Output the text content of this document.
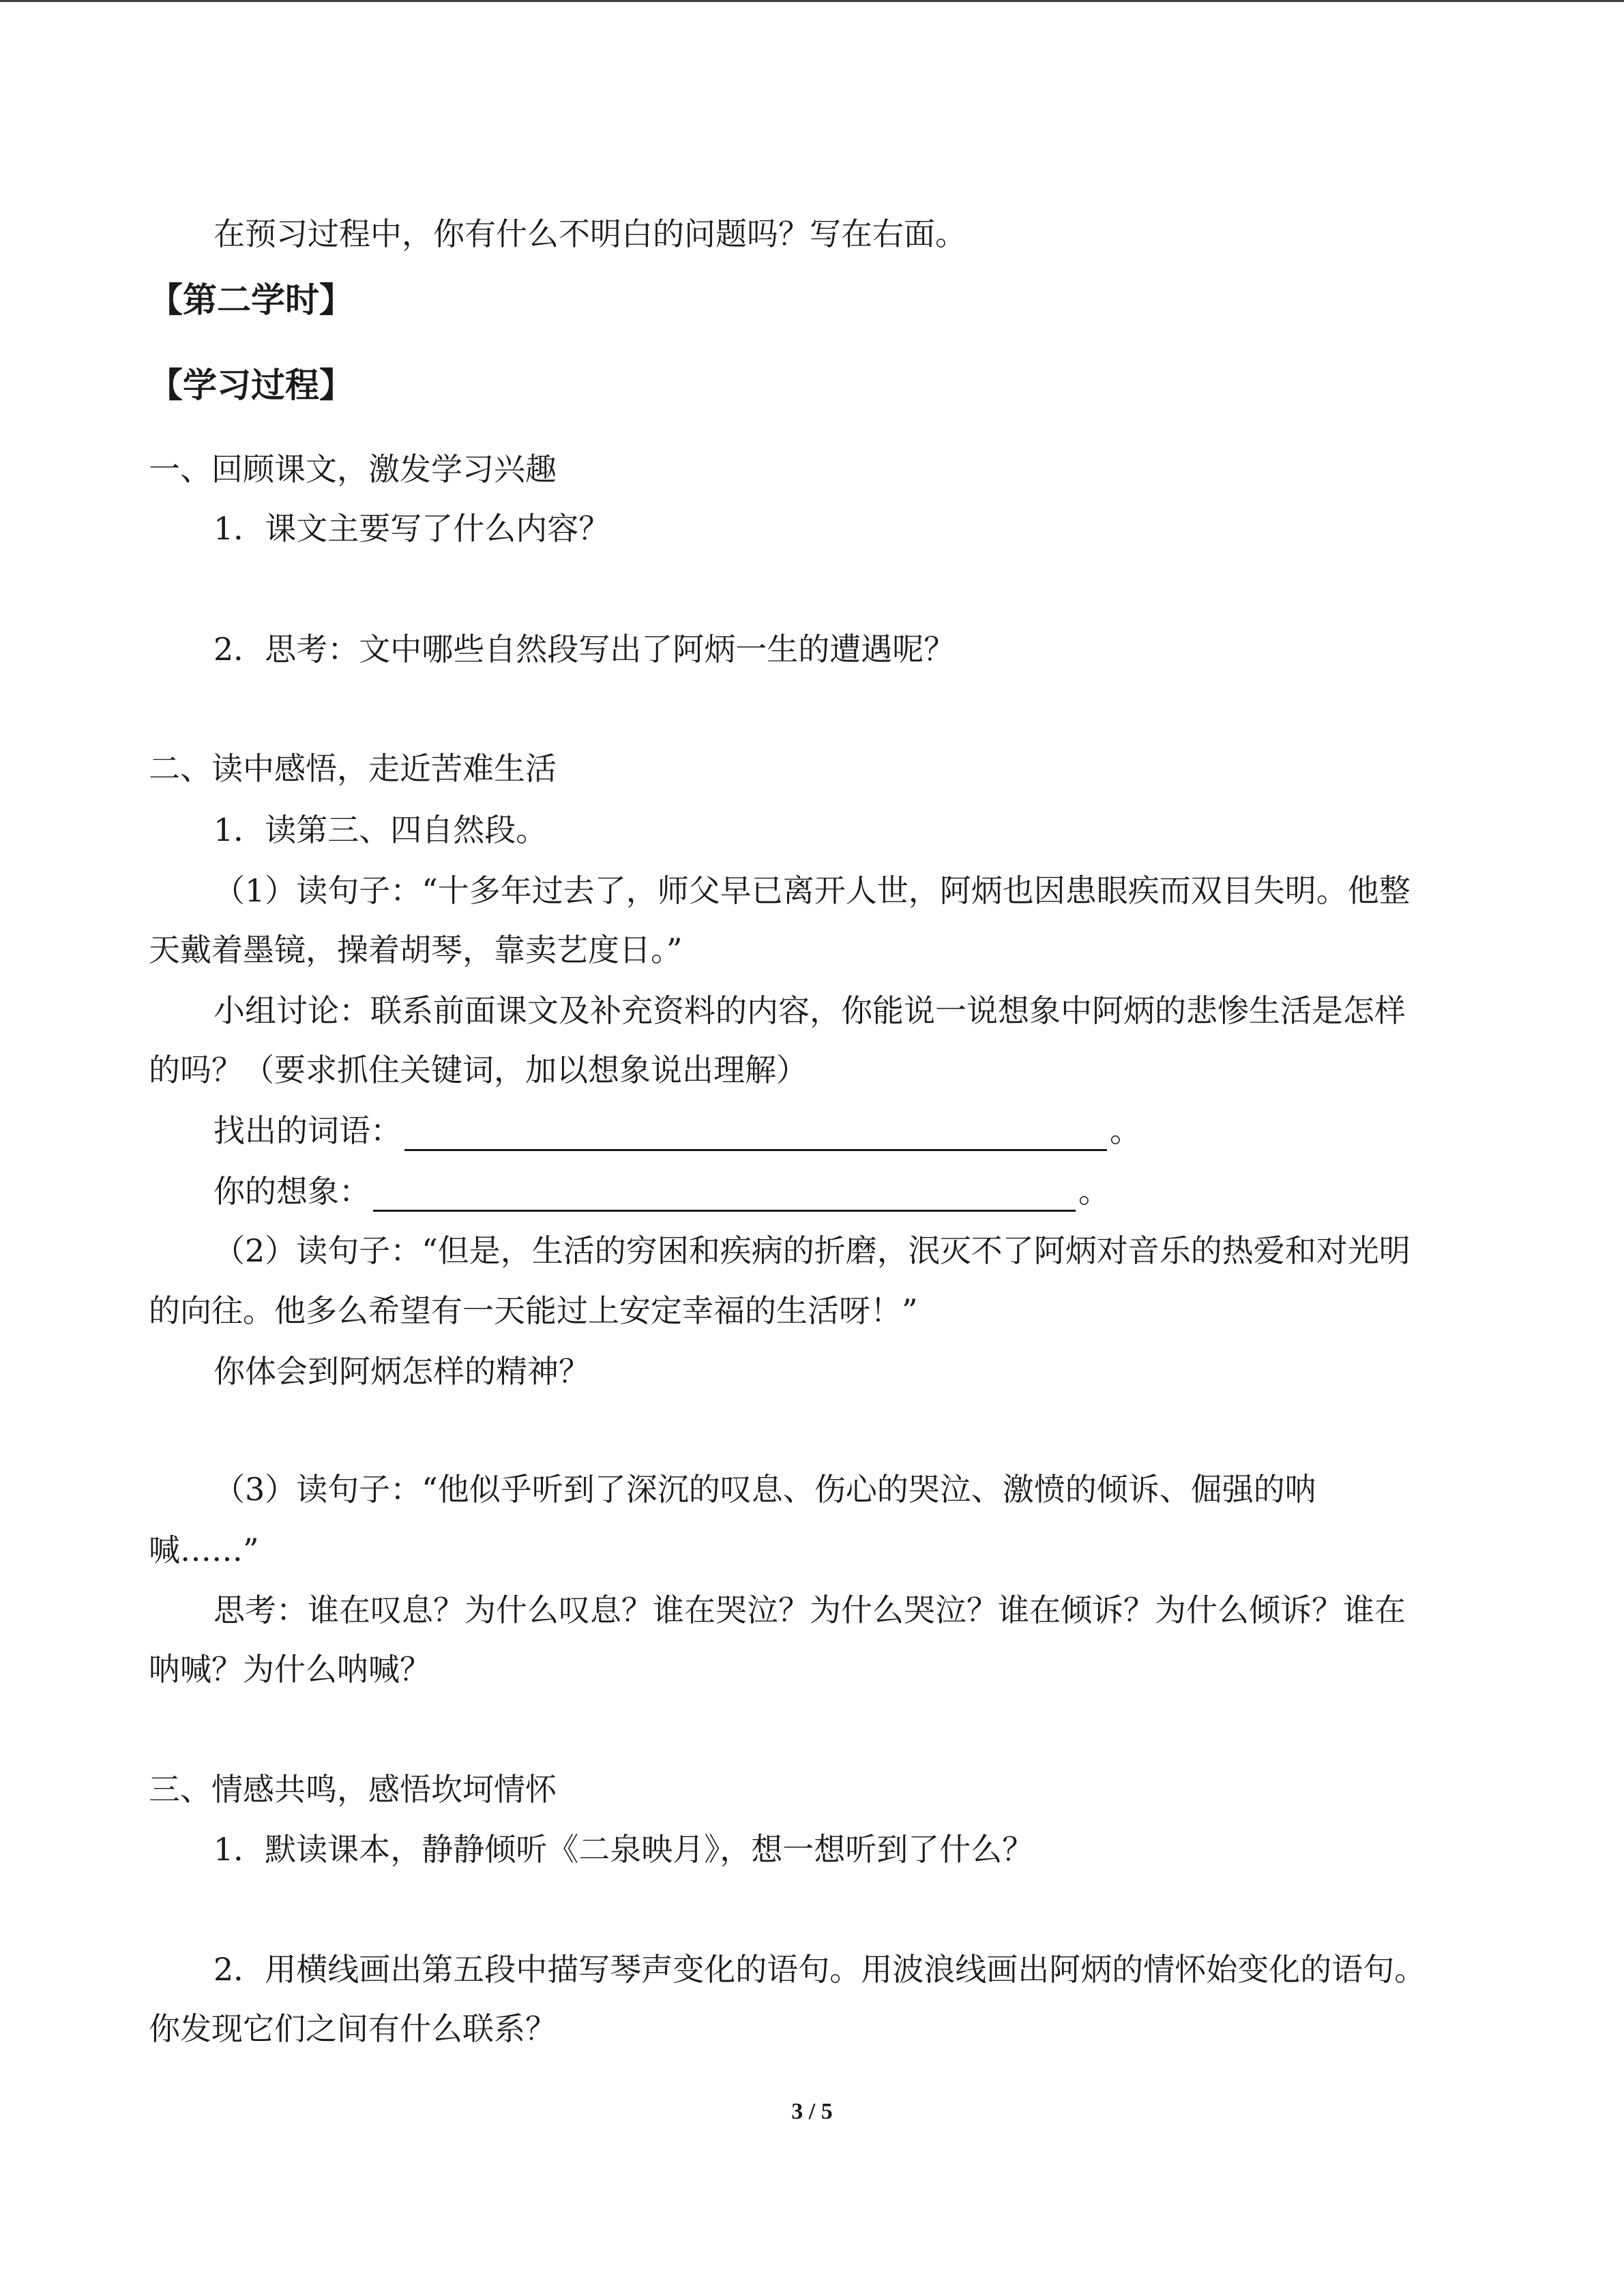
在预习过程中，你有什么不明白的问题吗？写在右面。
【第二学时】
【学习过程】
一、回顾课文，激发学习兴趣
1．课文主要写了什么内容？
2．思考：文中哪些自然段写出了阿炳一生的遭遇呢？
二、读中感悟，走近苦难生活
1．读第三、四自然段。
（1）读句子：“十多年过去了，师父早已离开人世，阿炳也因患眼疾而双目失明。他整
天戴着墨镜，操着胡琴，靠卖艺度日。”
小组讨论：联系前面课文及补充资料的内容，你能说一说想象中阿炳的悲惨生活是怎样
的吗？（要求抓住关键词，加以想象说出理解）
找出的词语：	。
你的想象：	。
（2）读句子：“但是，生活的穷困和疾病的折磨，泯灭不了阿炳对音乐的热爱和对光明
的向往。他多么希望有一天能过上安定幸福的生活呀！”
你体会到阿炳怎样的精神？
（3）读句子：“他似乎听到了深沉的叹息、伤心的哭泣、激愤的倾诉、倔强的呐
喊……”
思考：谁在叹息？为什么叹息？谁在哭泣？为什么哭泣？谁在倾诉？为什么倾诉？谁在
呐喊？为什么呐喊？
三、情感共鸣，感悟坎坷情怀
1．默读课本，静静倾听《二泉映月》，想一想听到了什么？
2．用横线画出第五段中描写琴声变化的语句。用波浪线画出阿炳的情怀始变化的语句。
你发现它们之间有什么联系？
3 / 5
